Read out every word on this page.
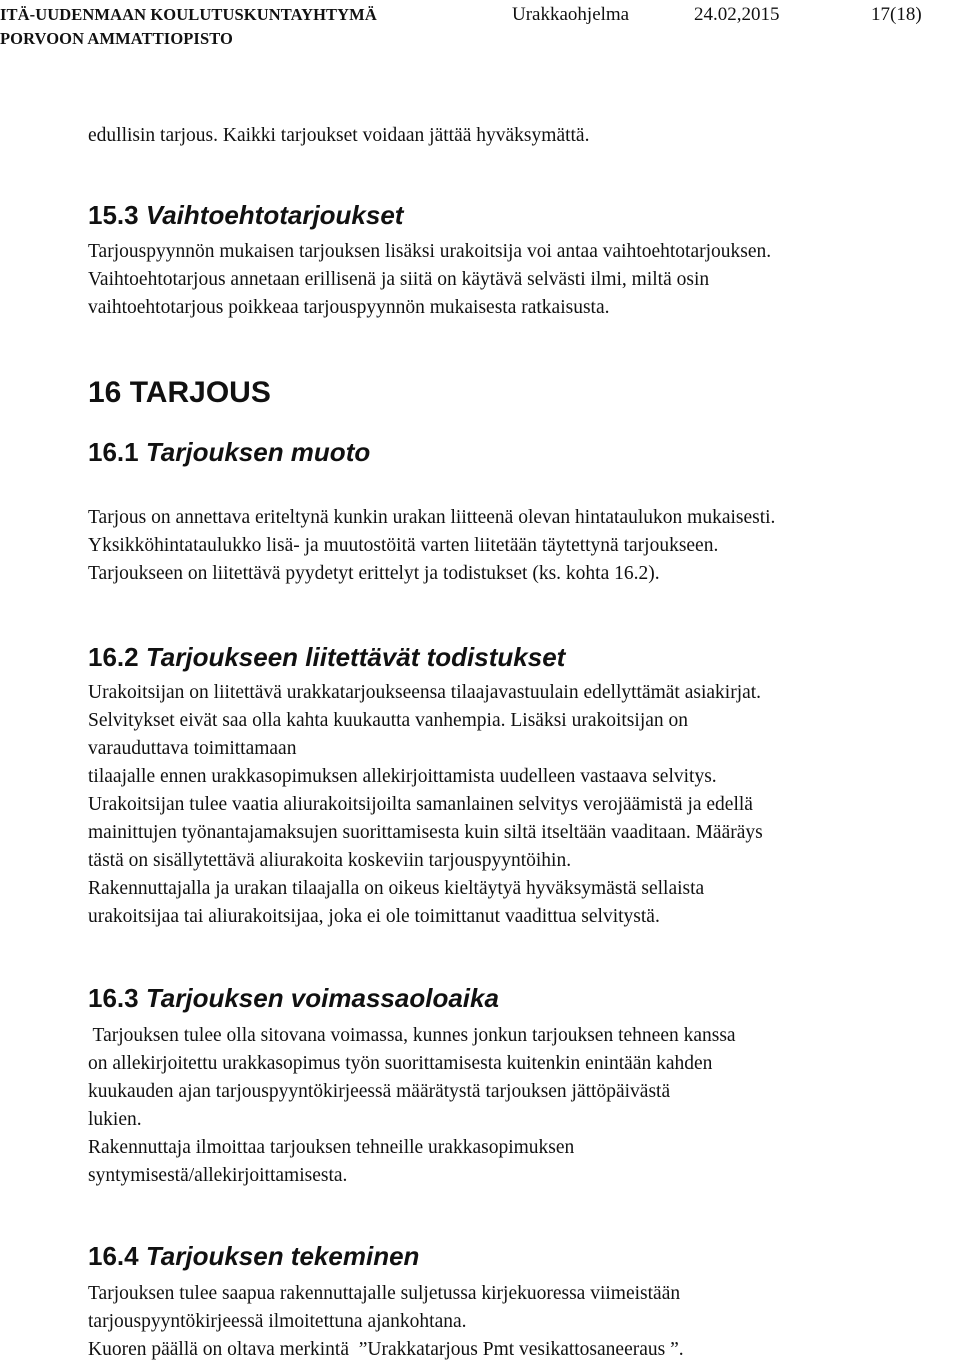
ITÄ-UUDENMAAN KOULUTUSKUNTAYHTYMÄ
PORVOON AMMATTIOPISTO
Urakkaohjelma	24.02,2015	17(18)

edullisin tarjous. Kaikki tarjoukset voidaan jättää hyväksymättä.

15.3 Vaihtoehtotarjoukset

Tarjouspyynnön mukaisen tarjouksen lisäksi urakoitsija voi antaa vaihtoehtotarjouksen.
Vaihtoehtotarjous annetaan erillisenä ja siitä on käytävä selvästi ilmi, miltä osin
vaihtoehtotarjous poikkeaa tarjouspyynnön mukaisesta ratkaisusta.

16 TARJOUS
16.1 Tarjouksen muoto

Tarjous on annettava eriteltynä kunkin urakan liitteenä olevan hintataulukon mukaisesti.
Yksikköhintataulukko lisä- ja muutostöitä varten liitetään täytettynä tarjoukseen.
Tarjoukseen on liitettävä pyydetyt erittelyt ja todistukset (ks. kohta 16.2).

16.2 Tarjoukseen liitettävät todistukset

Urakoitsijan on liitettävä urakkatarjoukseensa tilaajavastuulain edellyttämät asiakirjat.
Selvitykset eivät saa olla kahta kuukautta vanhempia. Lisäksi urakoitsijan on
varauduttava toimittamaan
tilaajalle ennen urakkasopimuksen allekirjoittamista uudelleen vastaava selvitys.
Urakoitsijan tulee vaatia aliurakoitsijoilta samanlainen selvitys verojäämistä ja edellä
mainittujen työnantajamaksujen suorittamisesta kuin siltä itseltään vaaditaan. Määräys
tästä on sisällytettävä aliurakoita koskeviin tarjouspyyntöihin.
Rakennuttajalla ja urakan tilaajalla on oikeus kieltäytyä hyväksymästä sellaista
urakoitsijaa tai aliurakoitsijaa, joka ei ole toimittanut vaadittua selvitystä.

16.3 Tarjouksen voimassaoloaika

Tarjouksen tulee olla sitovana voimassa, kunnes jonkun tarjouksen tehneen kanssa
on allekirjoitettu urakkasopimus työn suorittamisesta kuitenkin enintään kahden
kuukauden ajan tarjouspyyntökirjeessä määrätystä tarjouksen jättöpäivästä
lukien.
Rakennuttaja ilmoittaa tarjouksen tehneille urakkasopimuksen
syntymisestä/allekirjoittamisesta.

16.4 Tarjouksen tekeminen

Tarjouksen tulee saapua rakennuttajalle suljetussa kirjekuoressa viimeistään
tarjouspyyntökirjeessä ilmoitettuna ajankohtana.
Kuoren päällä on oltava merkintä  ”Urakkatarjous Pmt vesikattosaneeraus ”.
